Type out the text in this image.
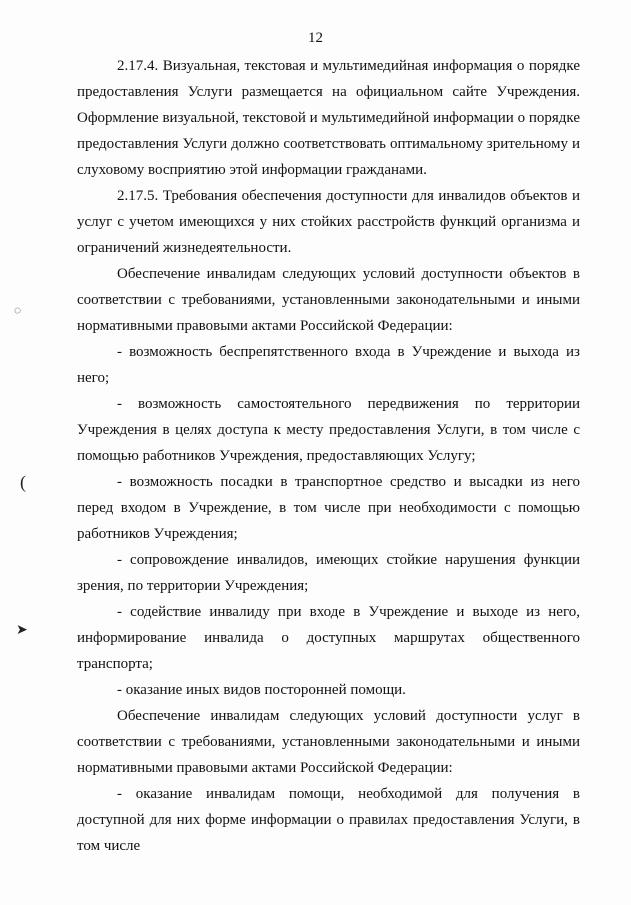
12

2.17.4. Визуальная, текстовая и мультимедийная информация о порядке предоставления Услуги размещается на официальном сайте Учреждения. Оформление визуальной, текстовой и мультимедийной информации о порядке предоставления Услуги должно соответствовать оптимальному зрительному и слуховому восприятию этой информации гражданами.

2.17.5. Требования обеспечения доступности для инвалидов объектов и услуг с учетом имеющихся у них стойких расстройств функций организма и ограничений жизнедеятельности.

Обеспечение инвалидам следующих условий доступности объектов в соответствии с требованиями, установленными законодательными и иными нормативными правовыми актами Российской Федерации:

- возможность беспрепятственного входа в Учреждение и выхода из него;

- возможность самостоятельного передвижения по территории Учреждения в целях доступа к месту предоставления Услуги, в том числе с помощью работников Учреждения, предоставляющих Услугу;

- возможность посадки в транспортное средство и высадки из него перед входом в Учреждение, в том числе при необходимости с помощью работников Учреждения;

- сопровождение инвалидов, имеющих стойкие нарушения функции зрения, по территории Учреждения;

- содействие инвалиду при входе в Учреждение и выходе из него, информирование инвалида о доступных маршрутах общественного транспорта;

- оказание иных видов посторонней помощи.

Обеспечение инвалидам следующих условий доступности услуг в соответствии с требованиями, установленными законодательными и иными нормативными правовыми актами Российской Федерации:

- оказание инвалидам помощи, необходимой для получения в доступной для них форме информации о правилах предоставления Услуги, в том числе

◌
(
➤
